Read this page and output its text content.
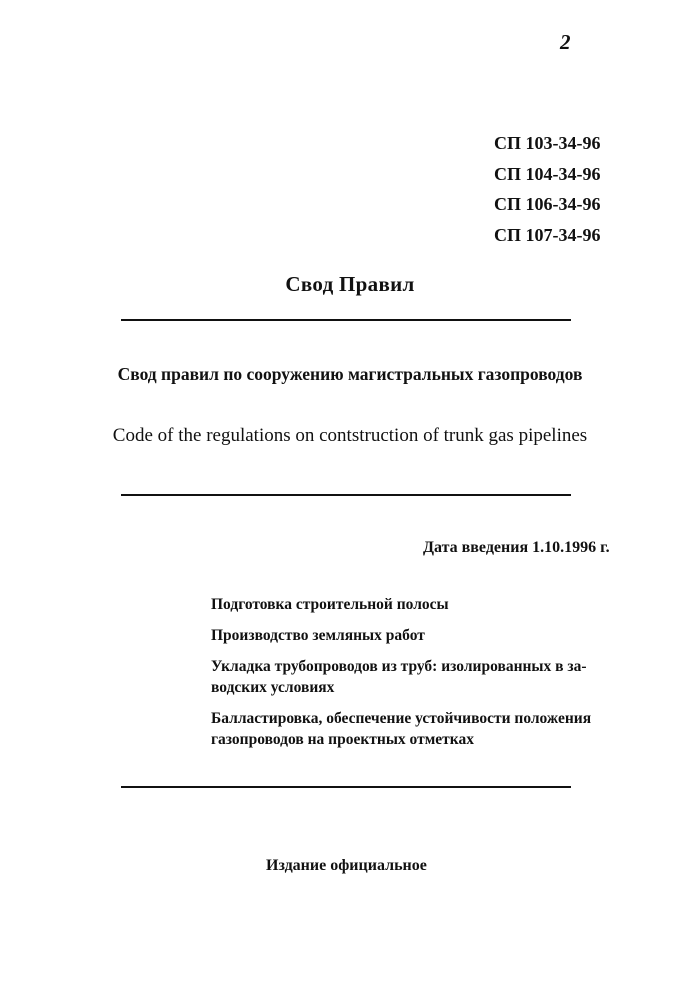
2
СП 103-34-96
СП 104-34-96
СП 106-34-96
СП 107-34-96
Свод Правил
Свод правил по сооружению магистральных газопроводов
Code of the regulations on contstruction of trunk gas pipelines
Дата введения 1.10.1996 г.
Подготовка строительной полосы
Производство земляных работ
Укладка трубопроводов из труб: изолированных в за-водских условиях
Балластировка, обеспечение устойчивости положения газопроводов на проектных отметках
Издание официальное
